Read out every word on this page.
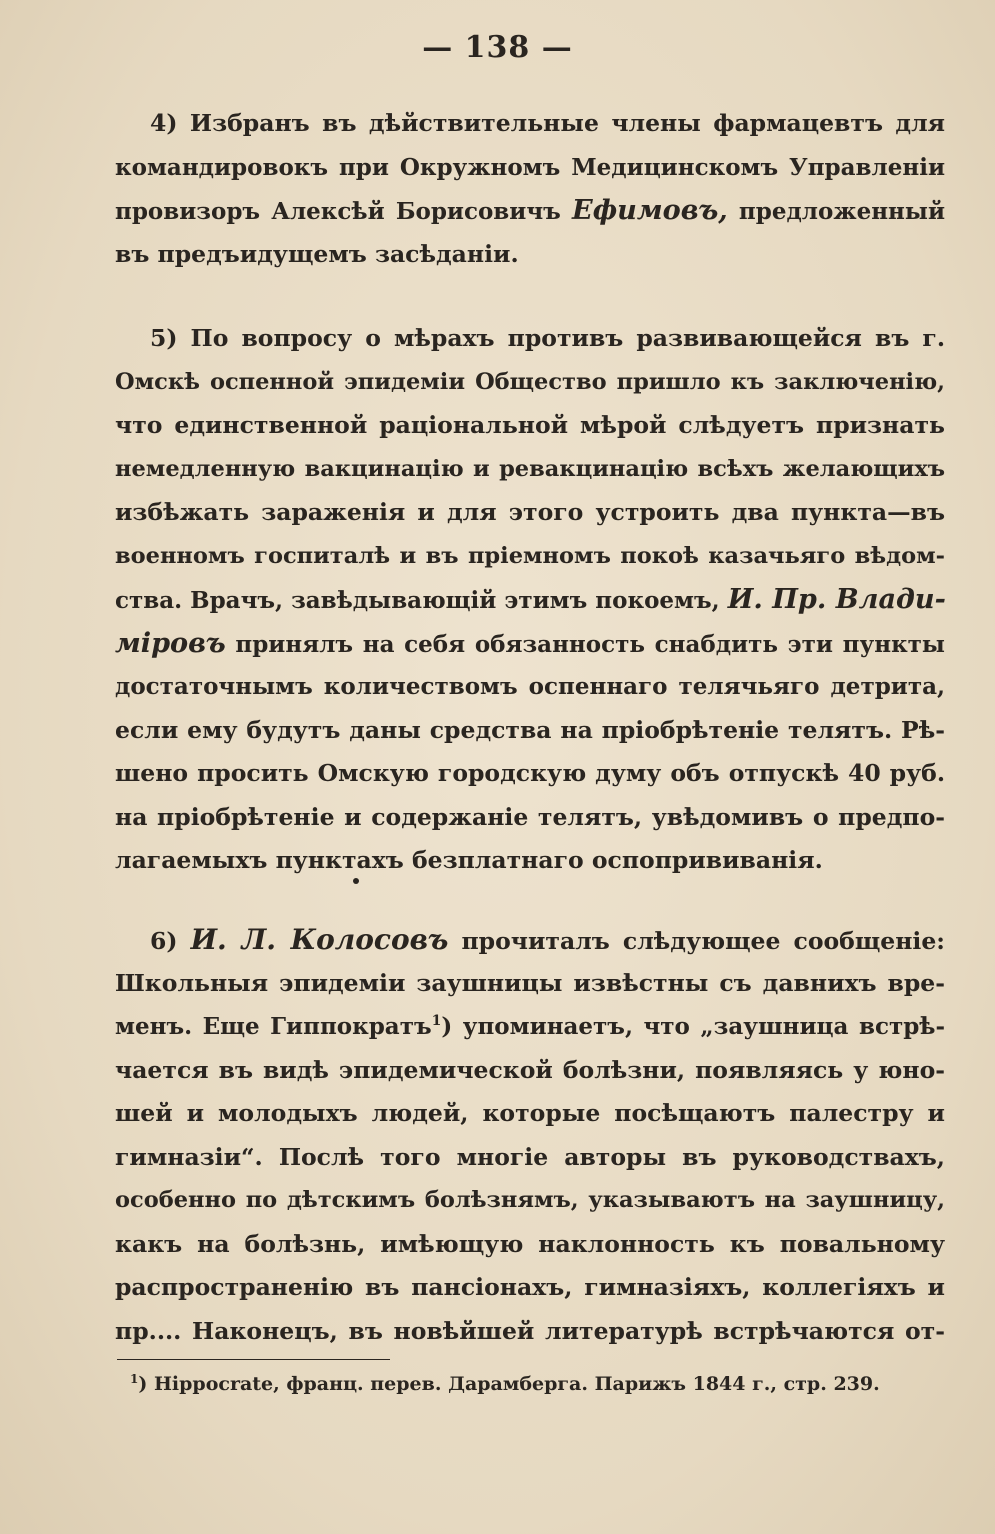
— 138 —
4) Избранъ въ дѣйствительные члены фармацевтъ для
командировокъ при Окружномъ Медицинскомъ Управленіи
провизоръ Алексѣй Борисовичъ Ефимовъ, предложенный
въ предъидущемъ засѣданіи.
5) По вопросу о мѣрахъ противъ развивающейся въ г.
Омскѣ оспенной эпидеміи Общество пришло къ заключенію,
что единственной раціональной мѣрой слѣдуетъ признать
немедленную вакцинацію и ревакцинацію всѣхъ желающихъ
избѣжать зараженія и для этого устроить два пункта—въ
военномъ госпиталѣ и въ пріемномъ покоѣ казачьяго вѣдом-
ства. Врачъ, завѣдывающій этимъ покоемъ, И. Пр. Влади-
міровъ принялъ на себя обязанность снабдить эти пункты
достаточнымъ количествомъ оспеннаго телячьяго детрита,
если ему будутъ даны средства на пріобрѣтеніе телятъ. Рѣ-
шено просить Омскую городскую думу объ отпускѣ 40 руб.
на пріобрѣтеніе и содержаніе телятъ, увѣдомивъ о предпо-
лагаемыхъ пунктахъ безплатнаго оспопрививанія.
6) И. Л. Колосовъ прочиталъ слѣдующее сообщеніе:
Школьныя эпидеміи заушницы извѣстны съ давнихъ вре-
менъ. Еще Гиппократъ$^1$) упоминаетъ, что „заушница встрѣ-
чается въ видѣ эпидемической болѣзни, появляясь у юно-
шей и молодыхъ людей, которые посѣщаютъ палестру и
гимназіи“. Послѣ того многіе авторы въ руководствахъ,
особенно по дѣтскимъ болѣзнямъ, указываютъ на заушницу,
какъ на болѣзнь, имѣющую наклонность къ повальному
распространенію въ пансіонахъ, гимназіяхъ, коллегіяхъ и
пр.... Наконецъ, въ новѣйшей литературѣ встрѣчаются от-
$^1$) Hippocrate, франц. перев. Дарамберга. Парижъ 1844 г., стр. 239.
